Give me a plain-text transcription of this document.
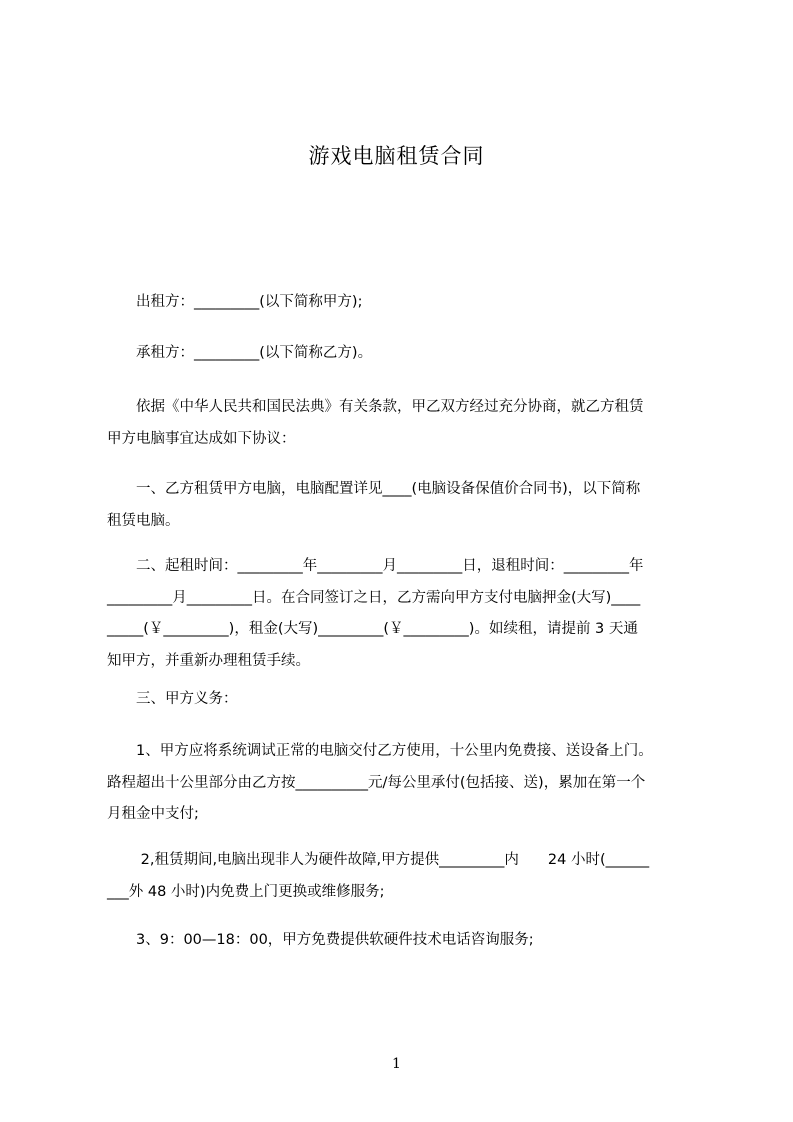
游戏电脑租赁合同
　　出租方：_________(以下简称甲方);
　　承租方：_________(以下简称乙方)。
　　依据《中华人民共和国民法典》有关条款，甲乙双方经过充分协商，就乙方租赁
甲方电脑事宜达成如下协议：
　　一、乙方租赁甲方电脑，电脑配置详见____(电脑设备保值价合同书)，以下简称
租赁电脑。
　　二、起租时间：_________年_________月_________日，退租时间：_________年
_________月_________日。在合同签订之日，乙方需向甲方支付电脑押金(大写)____
_____(￥_________)，租金(大写)_________(￥_________)。如续租，请提前 3 天通
知甲方，并重新办理租赁手续。
　　三、甲方义务：
　　1、甲方应将系统调试正常的电脑交付乙方使用，十公里内免费接、送设备上门。
路程超出十公里部分由乙方按__________元/每公里承付(包括接、送)，累加在第一个
月租金中支付;
　　 2,租赁期间,电脑出现非人为硬件故障,甲方提供_________内　　24 小时(______
___外 48 小时)内免费上门更换或维修服务;
　　3、9：00—18：00，甲方免费提供软硬件技术电话咨询服务;
1
